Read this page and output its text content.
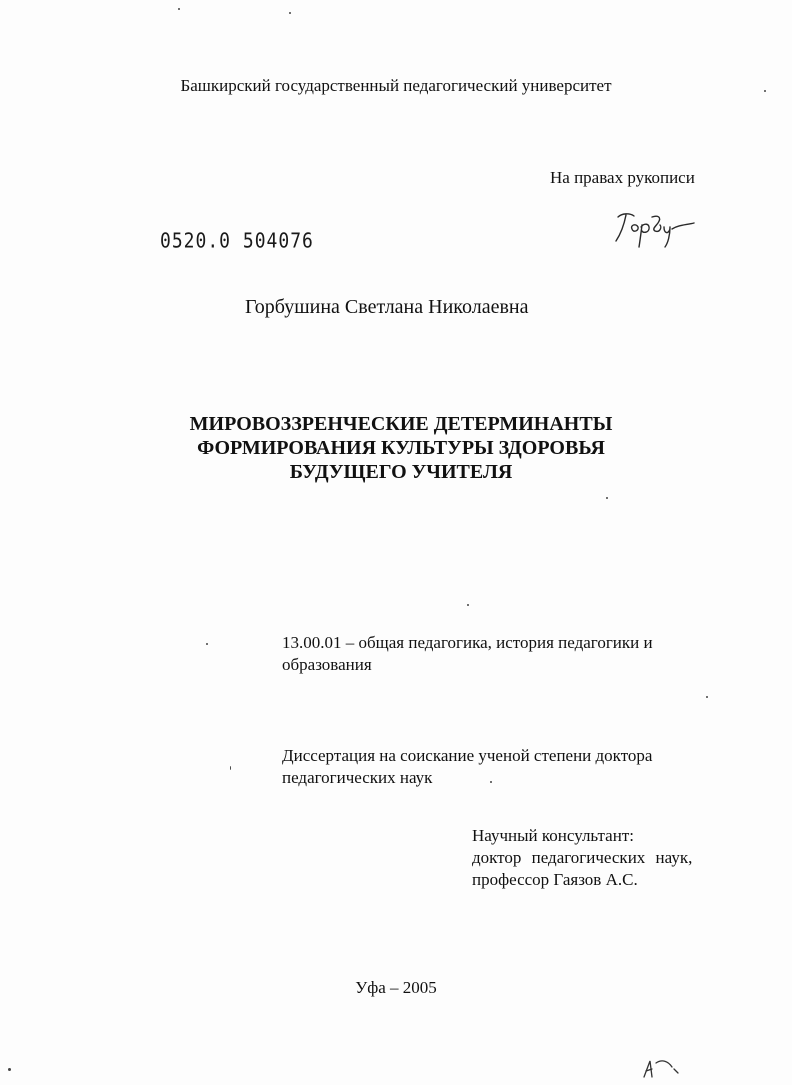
Башкирский государственный педагогический университет
На правах рукописи
0520.0 504076
Горбушина Светлана Николаевна
МИРОВОЗЗРЕНЧЕСКИЕ ДЕТЕРМИНАНТЫ
ФОРМИРОВАНИЯ КУЛЬТУРЫ ЗДОРОВЬЯ
БУДУЩЕГО УЧИТЕЛЯ
13.00.01 – общая педагогика, история педагогики и образования
Диссертация на соискание ученой степени доктора педагогических наук
Научный консультант:
доктор педагогических наук,
профессор Гаязов А.С.
Уфа – 2005
